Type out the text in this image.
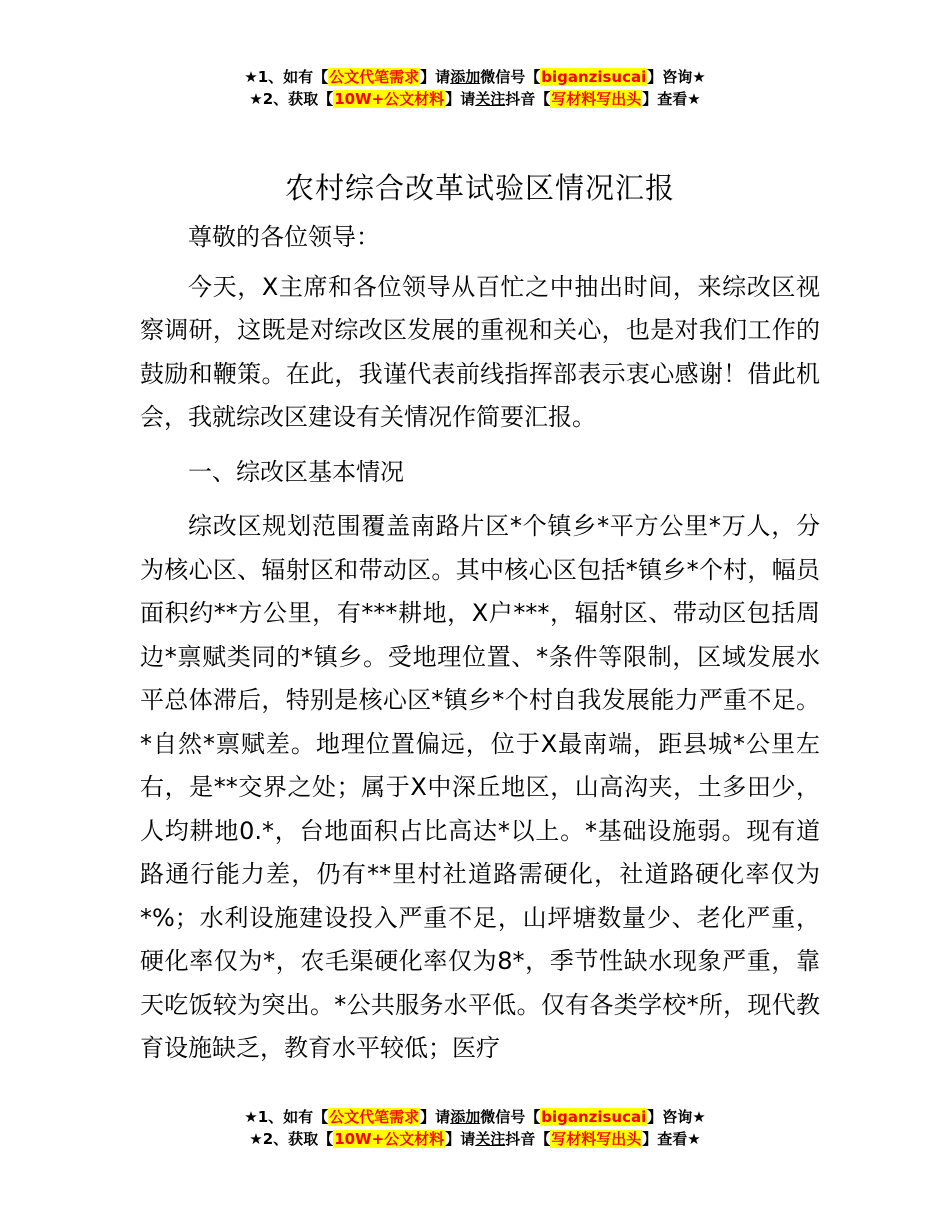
★1、如有【公文代笔需求】请添加微信号【biganzisucai】咨询★
★2、获取【10W+公文材料】请关注抖音【写材料写出头】查看★
农村综合改革试验区情况汇报

尊敬的各位领导：

今天，X主席和各位领导从百忙之中抽出时间，来综改区视察调研，这既是对综改区发展的重视和关心，也是对我们工作的鼓励和鞭策。在此，我谨代表前线指挥部表示衷心感谢！借此机会，我就综改区建设有关情况作简要汇报。

一、综改区基本情况

综改区规划范围覆盖南路片区*个镇乡*平方公里*万人，分为核心区、辐射区和带动区。其中核心区包括*镇乡*个村，幅员面积约**方公里，有***耕地，X户***，辐射区、带动区包括周边*禀赋类同的*镇乡。受地理位置、*条件等限制，区域发展水平总体滞后，特别是核心区*镇乡*个村自我发展能力严重不足。*自然*禀赋差。地理位置偏远，位于X最南端，距县城*公里左右，是**交界之处；属于X中深丘地区，山高沟夹，土多田少，人均耕地0.*，台地面积占比高达*以上。*基础设施弱。现有道路通行能力差，仍有**里村社道路需硬化，社道路硬化率仅为*%；水利设施建设投入严重不足，山坪塘数量少、老化严重，硬化率仅为*，农毛渠硬化率仅为8*，季节性缺水现象严重，靠天吃饭较为突出。*公共服务水平低。仅有各类学校*所，现代教育设施缺乏，教育水平较低；医疗

★1、如有【公文代笔需求】请添加微信号【biganzisucai】咨询★
★2、获取【10W+公文材料】请关注抖音【写材料写出头】查看★
